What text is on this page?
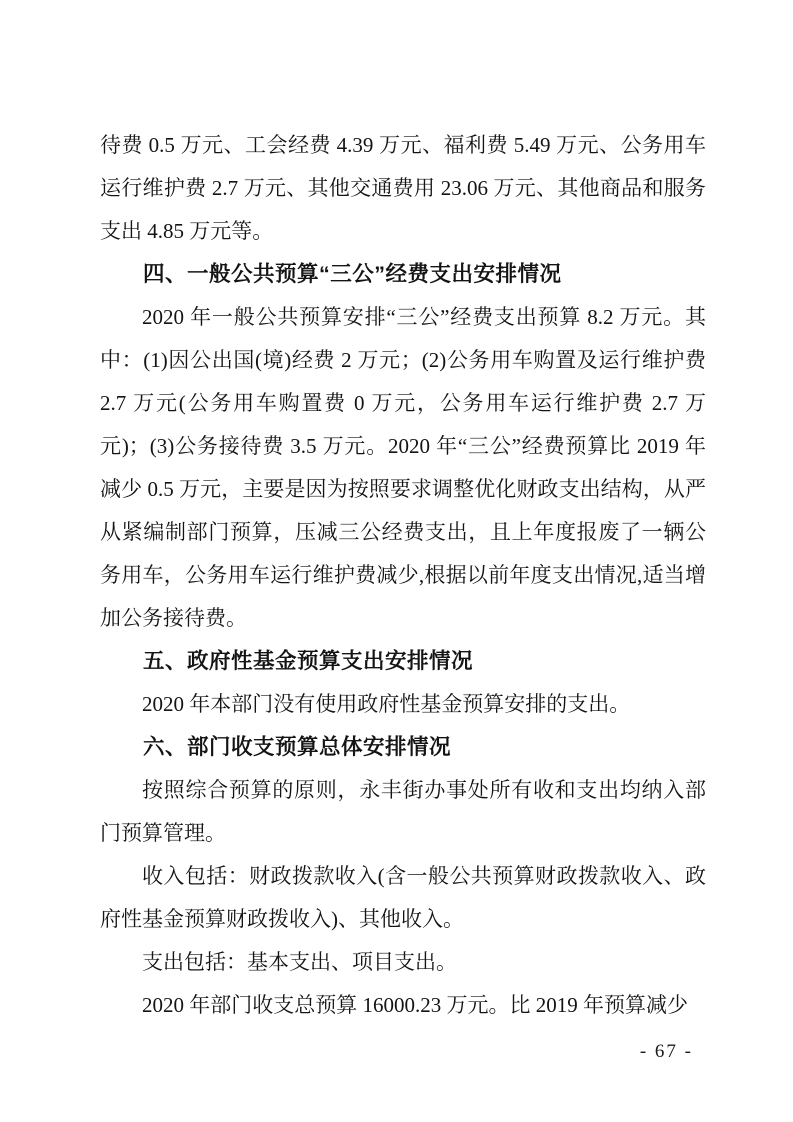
待费 0.5 万元、工会经费 4.39 万元、福利费 5.49 万元、公务用车运行维护费 2.7 万元、其他交通费用 23.06 万元、其他商品和服务支出 4.85 万元等。

四、一般公共预算“三公”经费支出安排情况

2020 年一般公共预算安排“三公”经费支出预算 8.2 万元。其中：(1)因公出国(境)经费 2 万元；(2)公务用车购置及运行维护费 2.7 万元(公务用车购置费 0 万元，公务用车运行维护费 2.7 万元)；(3)公务接待费 3.5 万元。2020 年“三公”经费预算比 2019 年减少 0.5 万元，主要是因为按照要求调整优化财政支出结构，从严从紧编制部门预算，压减三公经费支出，且上年度报废了一辆公务用车，公务用车运行维护费减少,根据以前年度支出情况,适当增加公务接待费。

五、政府性基金预算支出安排情况

2020 年本部门没有使用政府性基金预算安排的支出。

六、部门收支预算总体安排情况

按照综合预算的原则，永丰街办事处所有收和支出均纳入部门预算管理。

收入包括：财政拨款收入(含一般公共预算财政拨款收入、政府性基金预算财政拨收入)、其他收入。

支出包括：基本支出、项目支出。

2020 年部门收支总预算 16000.23 万元。比 2019 年预算减少

- 67 -
